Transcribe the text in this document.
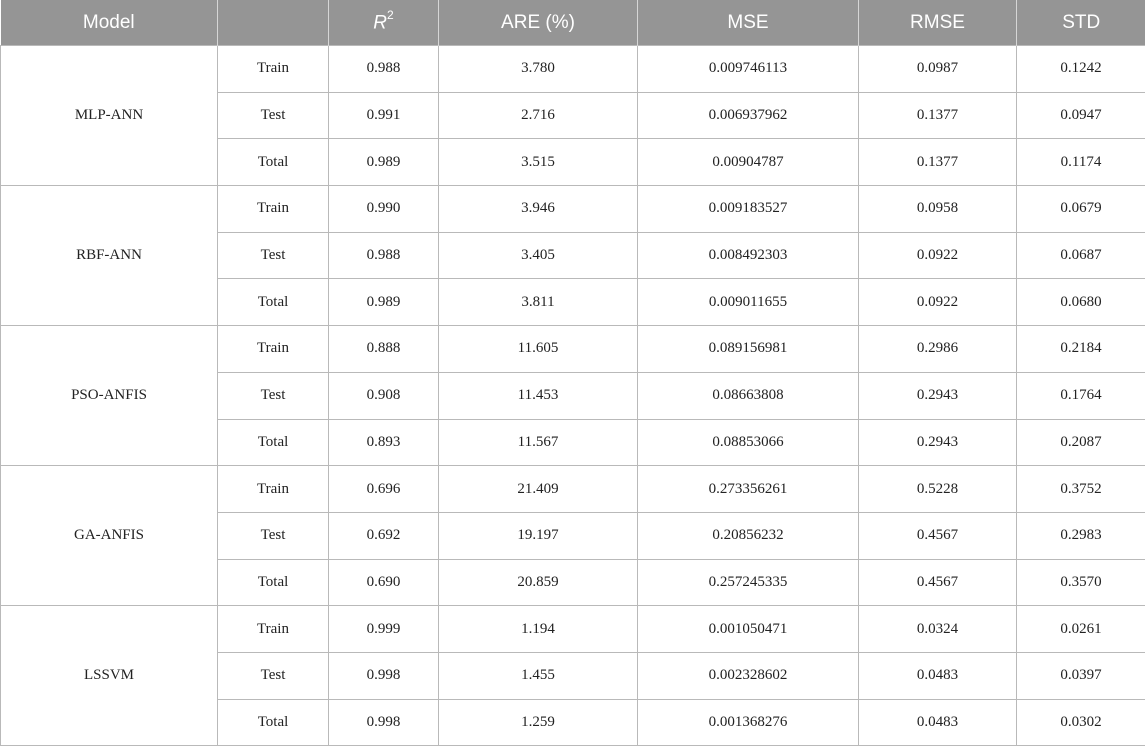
Model		$R^2$	ARE (%)	MSE	RMSE	STD
MLP-ANN	Train	0.988	3.780	0.009746113	0.0987	0.1242
	Test	0.991	2.716	0.006937962	0.1377	0.0947
	Total	0.989	3.515	0.00904787	0.1377	0.1174
RBF-ANN	Train	0.990	3.946	0.009183527	0.0958	0.0679
	Test	0.988	3.405	0.008492303	0.0922	0.0687
	Total	0.989	3.811	0.009011655	0.0922	0.0680
PSO-ANFIS	Train	0.888	11.605	0.089156981	0.2986	0.2184
	Test	0.908	11.453	0.08663808	0.2943	0.1764
	Total	0.893	11.567	0.08853066	0.2943	0.2087
GA-ANFIS	Train	0.696	21.409	0.273356261	0.5228	0.3752
	Test	0.692	19.197	0.20856232	0.4567	0.2983
	Total	0.690	20.859	0.257245335	0.4567	0.3570
LSSVM	Train	0.999	1.194	0.001050471	0.0324	0.0261
	Test	0.998	1.455	0.002328602	0.0483	0.0397
	Total	0.998	1.259	0.001368276	0.0483	0.0302
